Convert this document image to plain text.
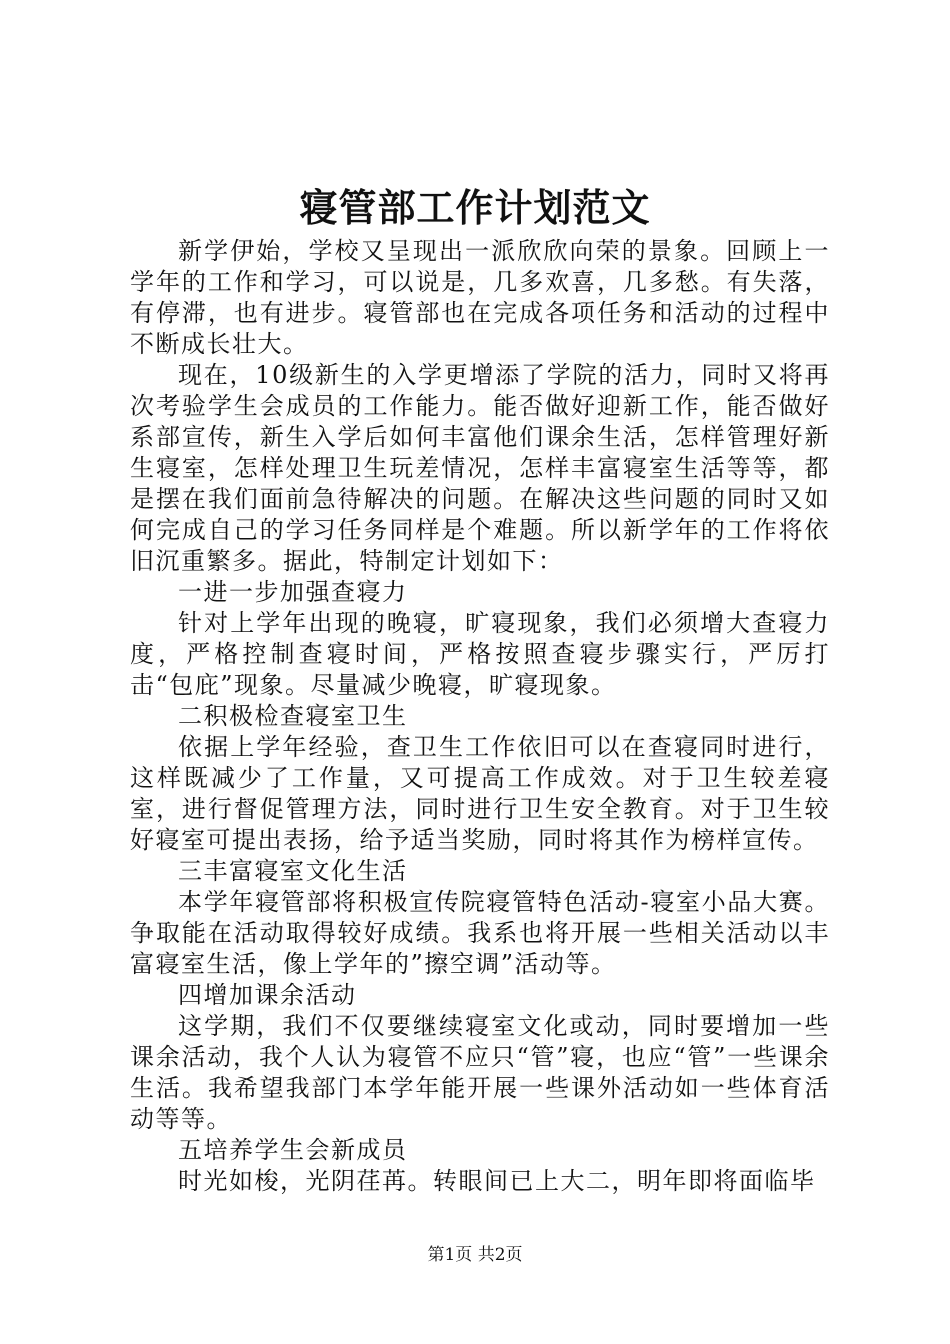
寝管部工作计划范文

新学伊始，学校又呈现出一派欣欣向荣的景象。回顾上一学年的工作和学习，可以说是，几多欢喜，几多愁。有失落，有停滞，也有进步。寝管部也在完成各项任务和活动的过程中不断成长壮大。

现在，10级新生的入学更增添了学院的活力，同时又将再次考验学生会成员的工作能力。能否做好迎新工作，能否做好系部宣传，新生入学后如何丰富他们课余生活，怎样管理好新生寝室，怎样处理卫生玩差情况，怎样丰富寝室生活等等，都是摆在我们面前急待解决的问题。在解决这些问题的同时又如何完成自己的学习任务同样是个难题。所以新学年的工作将依旧沉重繁多。据此，特制定计划如下：

一进一步加强查寝力

针对上学年出现的晚寝，旷寝现象，我们必须增大查寝力度，严格控制查寝时间，严格按照查寝步骤实行，严厉打击“包庇”现象。尽量减少晚寝，旷寝现象。

二积极检查寝室卫生

依据上学年经验，查卫生工作依旧可以在查寝同时进行，这样既减少了工作量，又可提高工作成效。对于卫生较差寝室，进行督促管理方法，同时进行卫生安全教育。对于卫生较好寝室可提出表扬，给予适当奖励，同时将其作为榜样宣传。

三丰富寝室文化生活

本学年寝管部将积极宣传院寝管特色活动-寝室小品大赛。争取能在活动取得较好成绩。我系也将开展一些相关活动以丰富寝室生活，像上学年的”擦空调”活动等。

四增加课余活动

这学期，我们不仅要继续寝室文化或动，同时要增加一些课余活动，我个人认为寝管不应只“管”寝，也应“管”一些课余生活。我希望我部门本学年能开展一些课外活动如一些体育活动等等。

五培养学生会新成员

时光如梭，光阴荏苒。转眼间已上大二，明年即将面临毕

第1页 共2页
